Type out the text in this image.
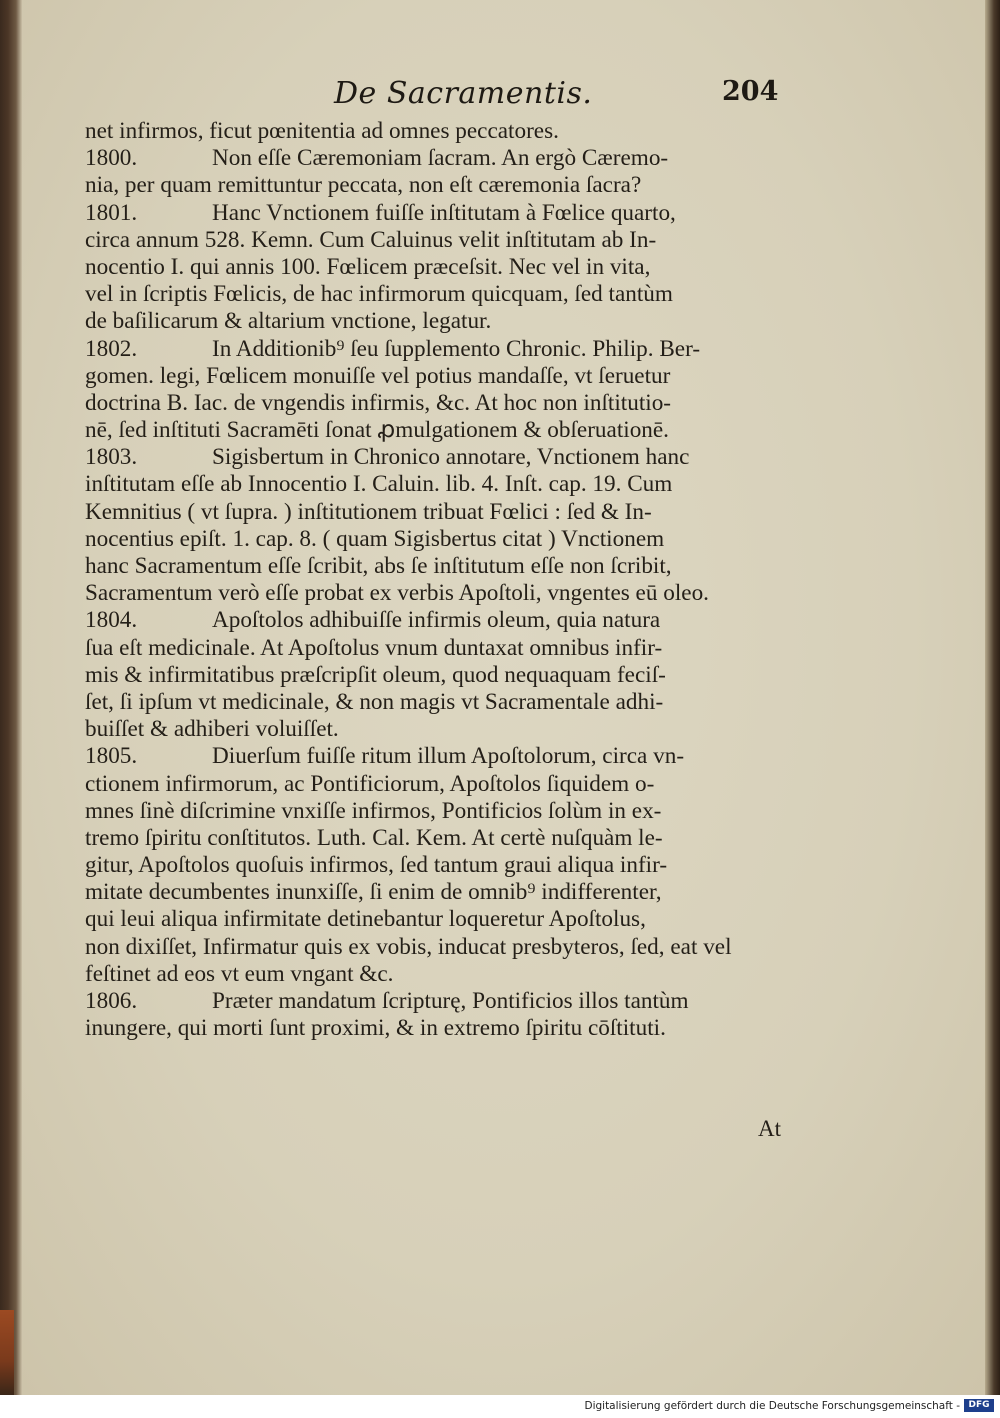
De Sacramentis.	204
net infirmos, ficut pœnitentia ad omnes peccatores.
1800.	Non eſſe Cæremoniam ſacram. An ergò Cæremo-
nia, per quam remittuntur peccata, non eſt cæremonia ſacra?
1801.	Hanc Vnctionem fuiſſe inſtitutam à Fœlice quarto,
circa annum 528. Kemn. Cum Caluinus velit inſtitutam ab In-
nocentio I. qui annis 100. Fœlicem præceſsit. Nec vel in vita,
vel in ſcriptis Fœlicis, de hac infirmorum quicquam, ſed tantùm
de baſilicarum & altarium vnctione, legatur.
1802.	In Additionib⁹ ſeu ſupplemento Chronic. Philip. Ber-
gomen. legi, Fœlicem monuiſſe vel potius mandaſſe, vt ſeruetur
doctrina B. Iac. de vngendis infirmis, &c. At hoc non inſtitutio-
nē, ſed inſtituti Sacramēti ſonat ꝓmulgationem & obſeruationē.
1803.	Sigisbertum in Chronico annotare, Vnctionem hanc
inſtitutam eſſe ab Innocentio I. Caluin. lib. 4. Inſt. cap. 19. Cum
Kemnitius ( vt ſupra. ) inſtitutionem tribuat Fœlici : ſed & In-
nocentius epiſt. 1. cap. 8. ( quam Sigisbertus citat ) Vnctionem
hanc Sacramentum eſſe ſcribit, abs ſe inſtitutum eſſe non ſcribit,
Sacramentum verò eſſe probat ex verbis Apoſtoli, vngentes eū oleo.
1804.	Apoſtolos adhibuiſſe infirmis oleum, quia natura
ſua eſt medicinale. At Apoſtolus vnum duntaxat omnibus infir-
mis & infirmitatibus præſcripſit oleum, quod nequaquam feciſ-
ſet, ſi ipſum vt medicinale, & non magis vt Sacramentale adhi-
buiſſet & adhiberi voluiſſet.
1805.	Diuerſum fuiſſe ritum illum Apoſtolorum, circa vn-
ctionem infirmorum, ac Pontificiorum, Apoſtolos ſiquidem o-
mnes ſinè diſcrimine vnxiſſe infirmos, Pontificios ſolùm in ex-
tremo ſpiritu conſtitutos. Luth. Cal. Kem. At certè nuſquàm le-
gitur, Apoſtolos quoſuis infirmos, ſed tantum graui aliqua infir-
mitate decumbentes inunxiſſe, ſi enim de omnib⁹ indifferenter,
qui leui aliqua infirmitate detinebantur loqueretur Apoſtolus,
non dixiſſet, Infirmatur quis ex vobis, inducat presbyteros, ſed, eat vel
feſtinet ad eos vt eum vngant &c.
1806.	Præter mandatum ſcripturę, Pontificios illos tantùm
inungere, qui morti ſunt proximi, & in extremo ſpiritu cōſtituti.
At
Digitalisierung gefördert durch die Deutsche Forschungsgemeinschaft - DFG
